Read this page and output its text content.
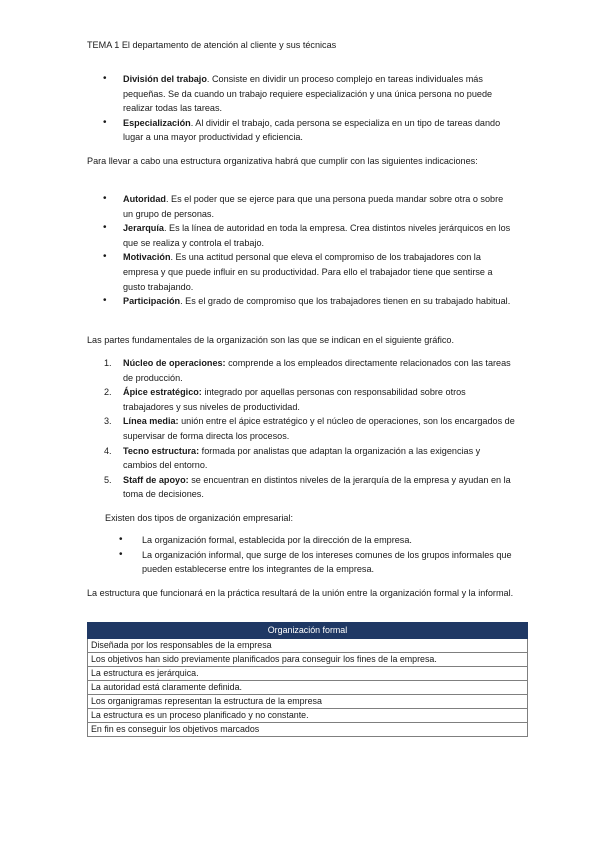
TEMA 1 El departamento de atención al cliente y sus técnicas
• División del trabajo. Consiste en dividir un proceso complejo en tareas individuales más pequeñas. Se da cuando un trabajo requiere especialización y una única persona no puede realizar todas las tareas.
• Especialización. Al dividir el trabajo, cada persona se especializa en un tipo de tareas dando lugar a una mayor productividad y eficiencia.
Para llevar a cabo una estructura organizativa habrá que cumplir con las siguientes indicaciones:
• Autoridad. Es el poder que se ejerce para que una persona pueda mandar sobre otra o sobre un grupo de personas.
• Jerarquía. Es la línea de autoridad en toda la empresa. Crea distintos niveles jerárquicos en los que se realiza y controla el trabajo.
• Motivación. Es una actitud personal que eleva el compromiso de los trabajadores con la empresa y que puede influir en su productividad. Para ello el trabajador tiene que sentirse a gusto trabajando.
• Participación. Es el grado de compromiso que los trabajadores tienen en su trabajado habitual.
Las partes fundamentales de la organización son las que se indican en el siguiente gráfico.
1. Núcleo de operaciones: comprende a los empleados directamente relacionados con las tareas de producción.
2. Ápice estratégico: integrado por aquellas personas con responsabilidad sobre otros trabajadores y sus niveles de productividad.
3. Línea media: unión entre el ápice estratégico y el núcleo de operaciones, son los encargados de supervisar de forma directa los procesos.
4. Tecno estructura: formada por analistas que adaptan la organización a las exigencias y cambios del entorno.
5. Staff de apoyo: se encuentran en distintos niveles de la jerarquía de la empresa y ayudan en la toma de decisiones.
Existen dos tipos de organización empresarial:
• La organización formal, establecida por la dirección de la empresa.
• La organización informal, que surge de los intereses comunes de los grupos informales que pueden establecerse entre los integrantes de la empresa.
La estructura que funcionará en la práctica resultará de la unión entre la organización formal y la informal.
Organización formal
Diseñada por los responsables de la empresa
Los objetivos han sido previamente planificados para conseguir los fines de la empresa.
La estructura es jerárquica.
La autoridad está claramente definida.
Los organigramas representan la estructura de la empresa
La estructura es un proceso planificado y no constante.
En fin es conseguir los objetivos marcados
